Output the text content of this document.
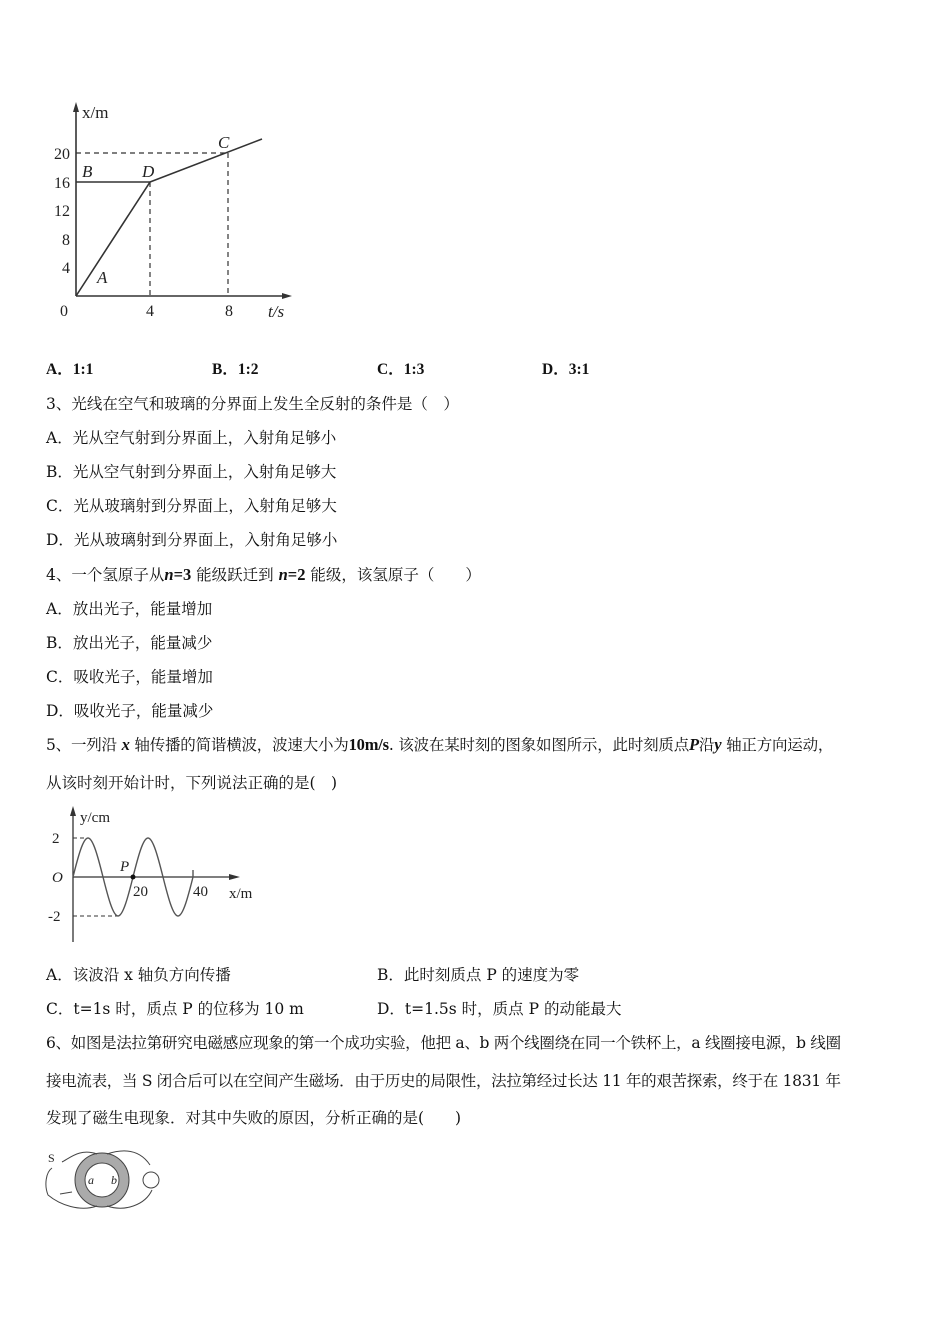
x/m
t/s
20
16
12
8
4
0	4	8
A
B
C
D
A．1:1	B．1:2	C．1:3	D．3:1
3、光线在空气和玻璃的分界面上发生全反射的条件是（　）
A．光从空气射到分界面上，入射角足够小
B．光从空气射到分界面上，入射角足够大
C．光从玻璃射到分界面上，入射角足够大
D．光从玻璃射到分界面上，入射角足够小
4、一个氢原子从n=3 能级跃迁到 n=2 能级，该氢原子（　　）
A．放出光子，能量增加
B．放出光子，能量减少
C．吸收光子，能量增加
D．吸收光子，能量减少
5、一列沿 x 轴传播的简谐横波，波速大小为10m/s. 该波在某时刻的图象如图所示，此时刻质点P沿y 轴正方向运动，
从该时刻开始计时，下列说法正确的是(　)
y/cm
x/m
2
-2
O
20	40
P
A．该波沿 x 轴负方向传播	B．此时刻质点 P 的速度为零
C．t=1s 时，质点 P 的位移为 10 m	D．t=1.5s 时，质点 P 的动能最大
6、如图是法拉第研究电磁感应现象的第一个成功实验，他把 a、b 两个线圈绕在同一个铁杯上，a 线圈接电源，b 线圈
接电流表，当 S 闭合后可以在空间产生磁场．由于历史的局限性，法拉第经过长达 11 年的艰苦探索，终于在 1831 年
发现了磁生电现象．对其中失败的原因，分析正确的是(　　)
S
a b
